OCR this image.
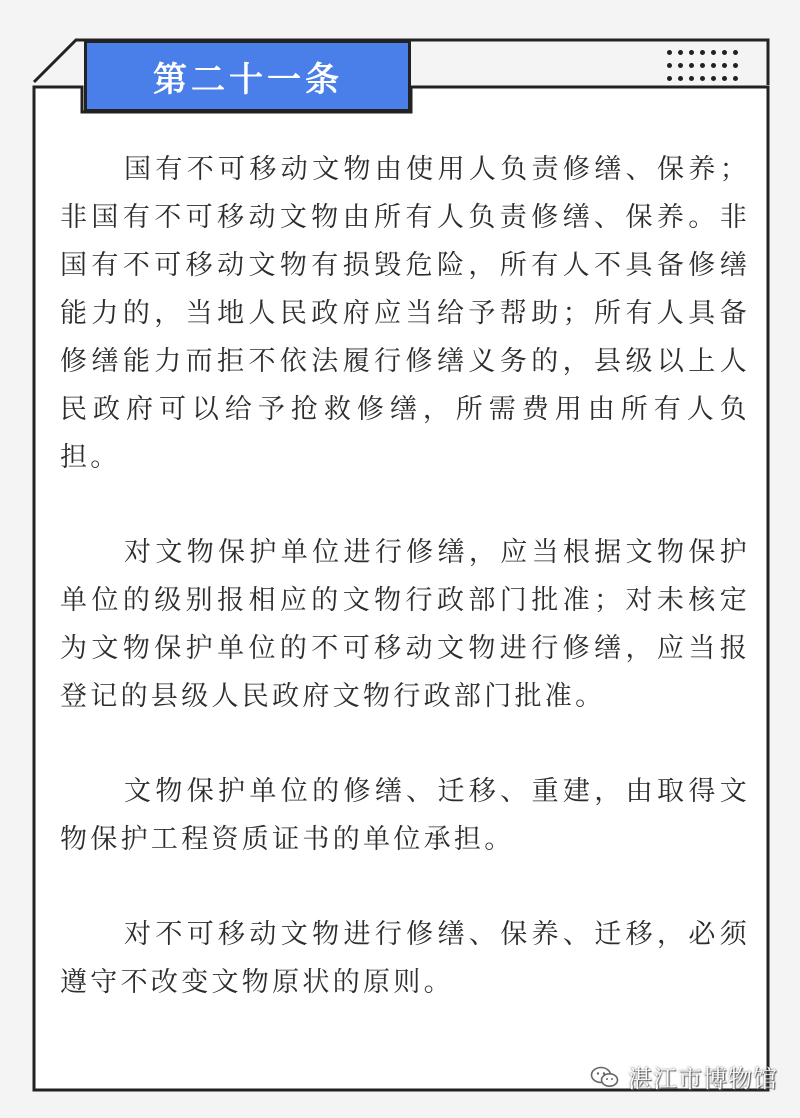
第二十一条

国有不可移动文物由使用人负责修缮、保养；非国有不可移动文物由所有人负责修缮、保养。非国有不可移动文物有损毁危险，所有人不具备修缮能力的，当地人民政府应当给予帮助；所有人具备修缮能力而拒不依法履行修缮义务的，县级以上人民政府可以给予抢救修缮，所需费用由所有人负担。

对文物保护单位进行修缮，应当根据文物保护单位的级别报相应的文物行政部门批准；对未核定为文物保护单位的不可移动文物进行修缮，应当报登记的县级人民政府文物行政部门批准。

文物保护单位的修缮、迁移、重建，由取得文物保护工程资质证书的单位承担。

对不可移动文物进行修缮、保养、迁移，必须遵守不改变文物原状的原则。

湛江市博物馆
